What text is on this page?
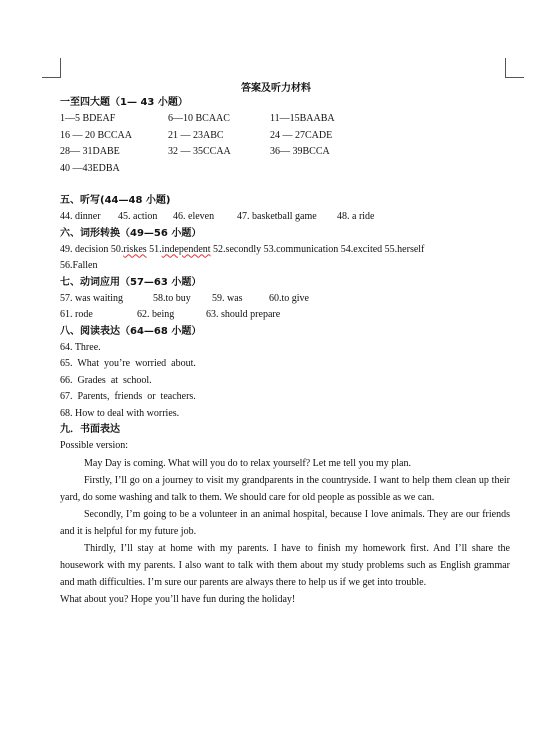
答案及听力材料
一至四大题（1— 43 小题）
1—5 BDEAF	6—10 BCAAC	11—15BAABA
16 — 20 BCCAA	21 — 23ABC	24 — 27CADE
28— 31DABE	32 — 35CCAA	36— 39BCCA
40 —43EDBA
五、听写(44—48 小题)
44. dinner 45. action 46. eleven 47. basketball game 48. a ride
六、词形转换（49—56 小题）
49. decision 50.riskes 51.independent 52.secondly 53.communication 54.excited 55.herself
56.Fallen
七、动词应用（57—63 小题）
57. was waiting	58.to buy 59. was	60.to give
61. rode	62. being	63. should prepare
八、阅读表达（64—68 小题）
64. Three.
65.  What  you’re  worried  about.
66.  Grades  at  school.
67.  Parents,  friends  or  teachers.
68. How to deal with worries.
九．书面表达
Possible version:

May Day is coming. What will you do to relax yourself? Let me tell you my plan.

Firstly, I’ll go on a journey to visit my grandparents in the countryside. I want to help them clean up their yard, do some washing and talk to them. We should care for old people as possible as we can.

Secondly, I’m going to be a volunteer in an animal hospital, because I love animals. They are our friends and it is helpful for my future job.

Thirdly, I’ll stay at home with my parents. I have to finish my homework first. And I’ll share the housework with my parents. I also want to talk with them about my study problems such as English grammar and math difficulties. I’m sure our parents are always there to help us if we get into trouble.

What about you? Hope you’ll have fun during the holiday!
